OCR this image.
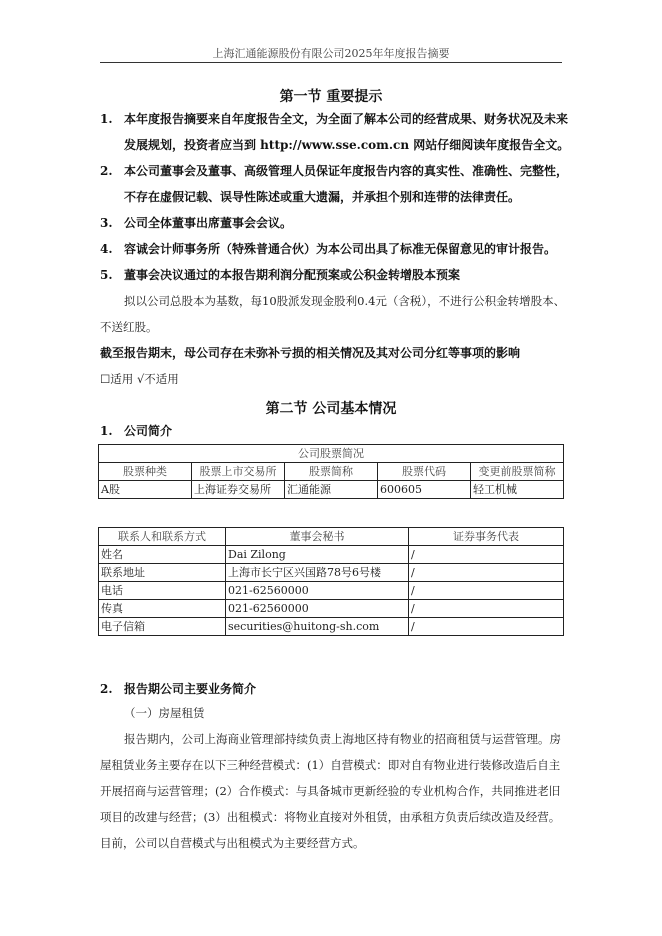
上海汇通能源股份有限公司2025年年度报告摘要
第一节 重要提示
1. 本年度报告摘要来自年度报告全文，为全面了解本公司的经营成果、财务状况及未来
发展规划，投资者应当到 http://www.sse.com.cn 网站仔细阅读年度报告全文。
2. 本公司董事会及董事、高级管理人员保证年度报告内容的真实性、准确性、完整性，
不存在虚假记载、误导性陈述或重大遗漏，并承担个别和连带的法律责任。
3. 公司全体董事出席董事会会议。
4. 容诚会计师事务所（特殊普通合伙）为本公司出具了标准无保留意见的审计报告。
5. 董事会决议通过的本报告期利润分配预案或公积金转增股本预案
拟以公司总股本为基数，每10股派发现金股利0.4元（含税），不进行公积金转增股本、
不送红股。
截至报告期末，母公司存在未弥补亏损的相关情况及其对公司分红等事项的影响
☐适用 √不适用
第二节 公司基本情况
1. 公司简介
公司股票简况				
股票种类	股票上市交易所	股票简称	股票代码	变更前股票简称
A股	上海证券交易所	汇通能源	600605	轻工机械
联系人和联系方式	董事会秘书	证券事务代表
姓名	Dai Zilong	/
联系地址	上海市长宁区兴国路78号6号楼	/
电话	021-62560000	/
传真	021-62560000	/
电子信箱	securities@huitong-sh.com	/
2. 报告期公司主要业务简介
（一）房屋租赁
报告期内，公司上海商业管理部持续负责上海地区持有物业的招商租赁与运营管理。房
屋租赁业务主要存在以下三种经营模式：(1）自营模式：即对自有物业进行装修改造后自主
开展招商与运营管理；(2）合作模式：与具备城市更新经验的专业机构合作，共同推进老旧
项目的改建与经营；(3）出租模式：将物业直接对外租赁，由承租方负责后续改造及经营。
目前，公司以自营模式与出租模式为主要经营方式。
